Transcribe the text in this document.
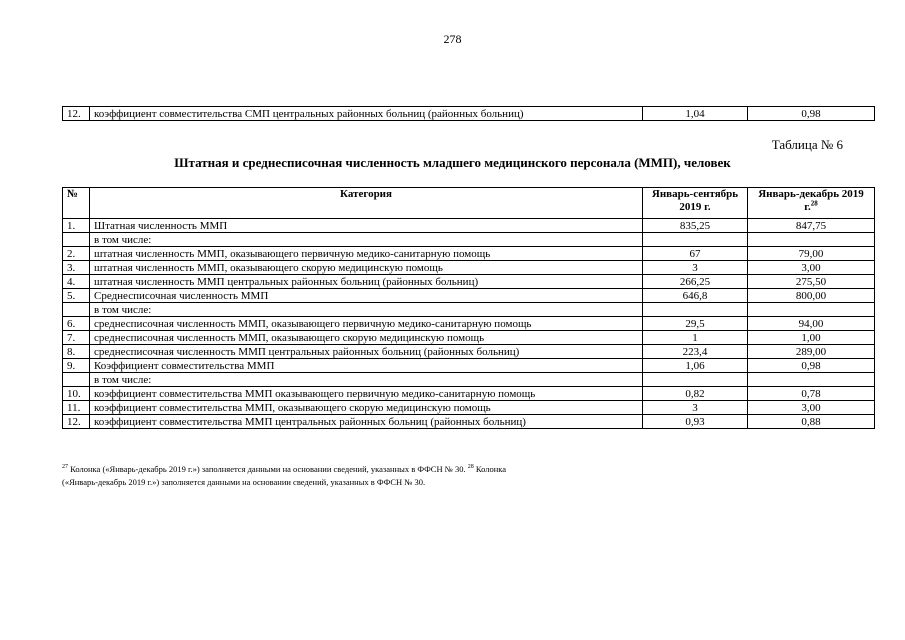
278
12.	коэффициент совместительства СМП центральных районных больниц (районных больниц)	1,04	0,98
Таблица № 6
Штатная и среднесписочная численность младшего медицинского персонала (ММП), человек
№	Категория	Январь-сентябрь 2019 г.	Январь-декабрь 2019 г.$^{28}$
1.	Штатная численность ММП	835,25	847,75
	в том числе:		
2.	штатная численность ММП, оказывающего первичную медико-санитарную помощь	67	79,00
3.	штатная численность ММП, оказывающего скорую медицинскую помощь	3	3,00
4.	штатная численность ММП центральных районных больниц (районных больниц)	266,25	275,50
5.	Среднесписочная численность ММП	646,8	800,00
	в том числе:		
6.	среднесписочная численность ММП, оказывающего первичную медико-санитарную помощь	29,5	94,00
7.	среднесписочная численность ММП, оказывающего скорую медицинскую помощь	1	1,00
8.	среднесписочная численность ММП центральных районных больниц (районных больниц)	223,4	289,00
9.	Коэффициент совместительства ММП	1,06	0,98
	в том числе:		
10.	коэффициент совместительства ММП оказывающего первичную медико-санитарную помощь	0,82	0,78
11.	коэффициент совместительства ММП, оказывающего скорую медицинскую помощь	3	3,00
12.	коэффициент совместительства ММП центральных районных больниц (районных больниц)	0,93	0,88
$^{27}$ Колонка («Январь-декабрь 2019 г.») заполняется данными на основании сведений, указанных в ФФСН № 30. $^{28}$ Колонка («Январь-декабрь 2019 г.») заполняется данными на основании сведений, указанных в ФФСН № 30.
